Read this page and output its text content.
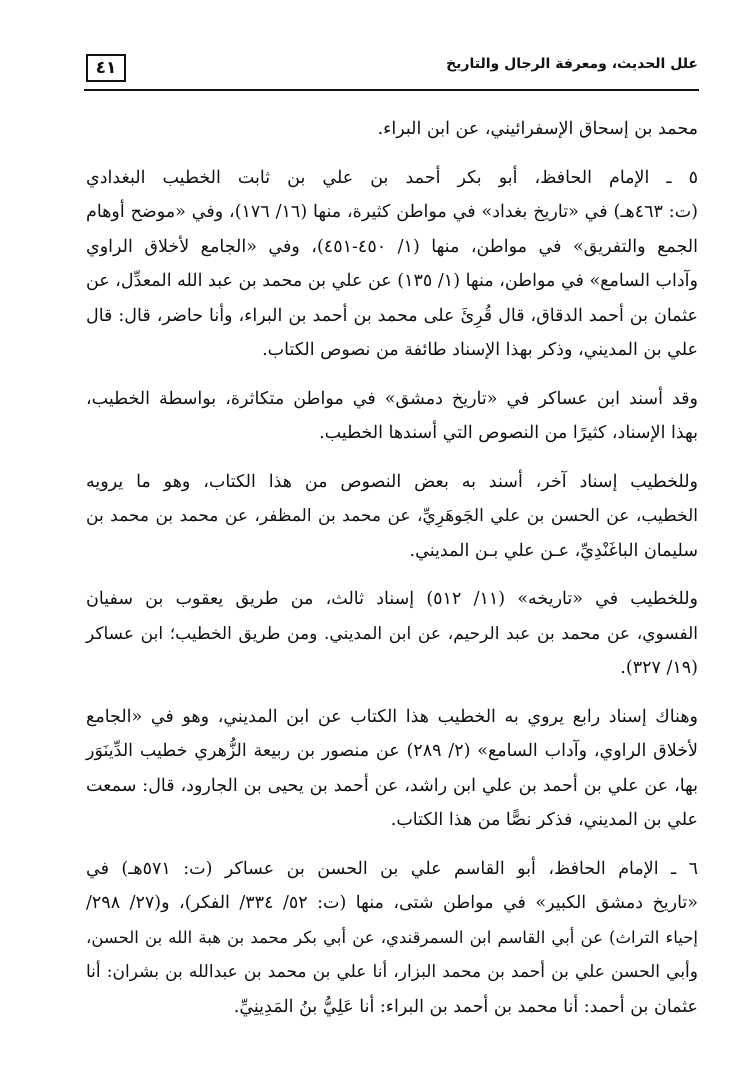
٤١	علل الحديث، ومعرفة الرجال والتاريخ
محمد بن إسحاق الإسفرائيني، عن ابن البراء.
٥ ـ الإمام الحافظ، أبو بكر أحمد بن علي بن ثابت الخطيب البغدادي
(ت: ٤٦٣هـ) في «تاريخ بغداد» في مواطن كثيرة، منها (١٦/ ١٧٦)، وفي «موضح أوهام
الجمع والتفريق» في مواطن، منها (١/ ٤٥٠-٤٥١)، وفي «الجامع لأخلاق الراوي
وآداب السامع» في مواطن، منها (١/ ١٣٥) عن علي بن محمد بن عبد الله المعدِّل، عن
عثمان بن أحمد الدقاق، قال قُرِئَ على محمد بن أحمد بن البراء، وأنا حاضر، قال: قال
علي بن المديني، وذكر بهذا الإسناد طائفة من نصوص الكتاب.
وقد أسند ابن عساكر في «تاريخ دمشق» في مواطن متكاثرة، بواسطة الخطيب،
بهذا الإسناد، كثيرًا من النصوص التي أسندها الخطيب.
وللخطيب إسناد آخر، أسند به بعض النصوص من هذا الكتاب، وهو ما يرويه
الخطيب، عن الحسن بن علي الجَوهَرِيِّ، عن محمد بن المظفر، عن محمد بن محمد بن
سليمان الباغَنْدِيِّ، عـن علي بـن المديني.
وللخطيب في «تاريخه» (١١/ ٥١٢) إسناد ثالث، من طريق يعقوب بن سفيان
الفسوي، عن محمد بن عبد الرحيم، عن ابن المديني. ومن طريق الخطيب؛ ابن عساكر
(١٩/ ٣٢٧).
وهناك إسناد رابع يروي به الخطيب هذا الكتاب عن ابن المديني، وهو في «الجامع
لأخلاق الراوي، وآداب السامع» (٢/ ٢٨٩) عن منصور بن ربيعة الزُّهري خطيب الدِّينَوَر
بها، عن علي بن أحمد بن علي ابن راشد، عن أحمد بن يحيى بن الجارود، قال: سمعت
علي بن المديني، فذكر نصًّا من هذا الكتاب.
٦ ـ الإمام الحافظ، أبو القاسم علي بن الحسن بن عساكر (ت: ٥٧١هـ) في
«تاريخ دمشق الكبير» في مواطن شتى، منها (ت: ٥٢/ ٣٣٤/ الفكر)، و(٢٧/ ٢٩٨/
إحياء التراث) عن أبي القاسم ابن السمرقندي، عن أبي بكر محمد بن هبة الله بن الحسن،
وأبي الحسن علي بن أحمد بن محمد البزار، أنا علي بن محمد بن عبدالله بن بشران: أنا
عثمان بن أحمد: أنا محمد بن أحمد بن البراء: أنا عَلِيُّ بنُ المَدِينِيِّ.
